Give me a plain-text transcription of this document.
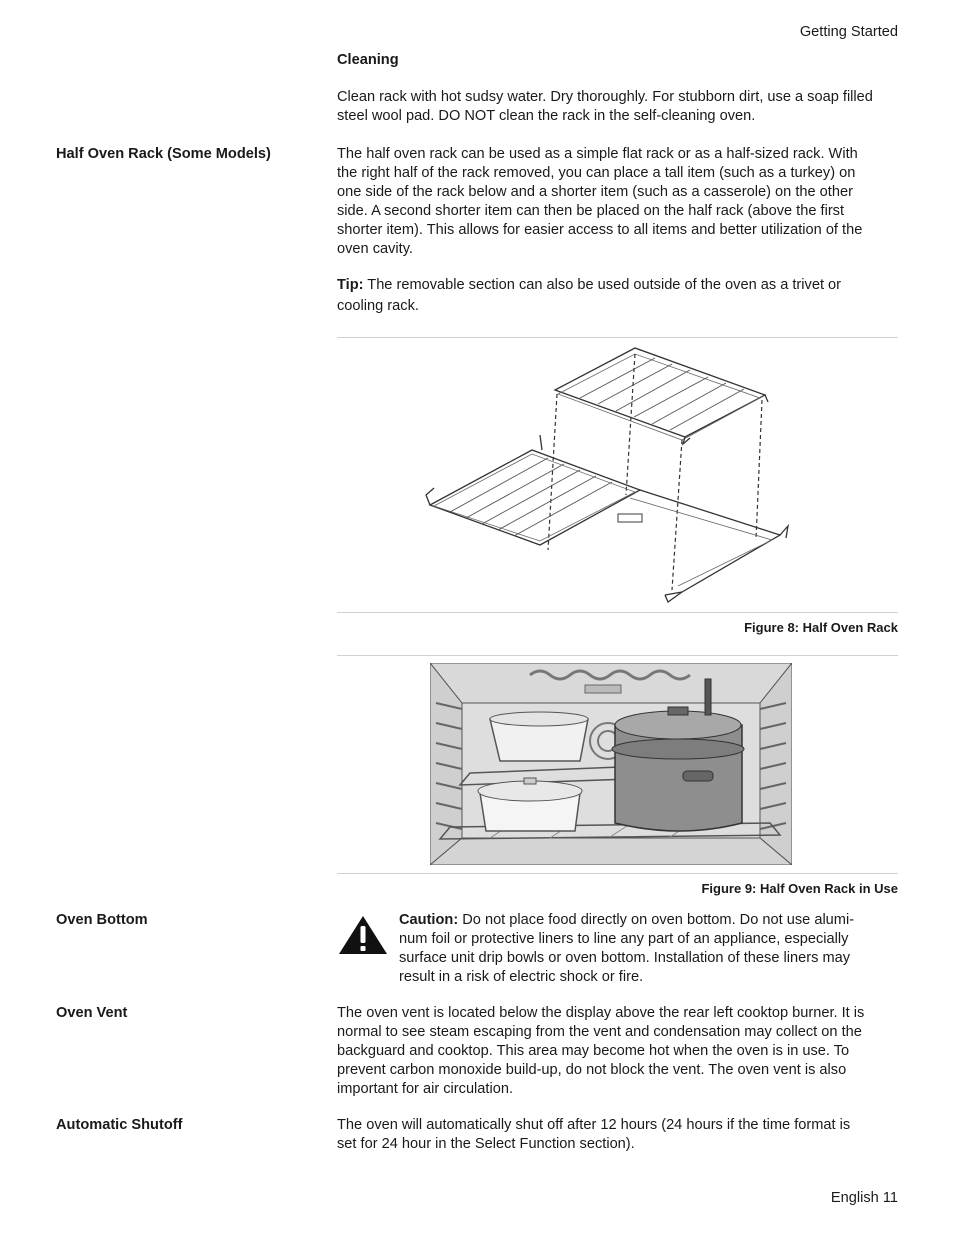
Getting Started
Cleaning

Clean rack with hot sudsy water. Dry thoroughly. For stubborn dirt, use a soap filled steel wool pad. DO NOT clean the rack in the self-cleaning oven.

Half Oven Rack (Some Models)	The half oven rack can be used as a simple flat rack or as a half-sized rack. With
the right half of the rack removed, you can place a tall item (such as a turkey) on
one side of the rack below and a shorter item (such as a casserole) on the other
side. A second shorter item can then be placed on the half rack (above the first
shorter item). This allows for easier access to all items and better utilization of the
oven cavity.
Tip: The removable section can also be used outside of the oven as a trivet or
cooling rack.
Figure 8: Half Oven Rack
Figure 9: Half Oven Rack in Use
Oven Bottom	Caution: Do not place food directly on oven bottom. Do not use alumi-
num foil or protective liners to line any part of an appliance, especially
surface unit drip bowls or oven bottom. Installation of these liners may
result in a risk of electric shock or fire.
Oven Vent	The oven vent is located below the display above the rear left cooktop burner. It is
normal to see steam escaping from the vent and condensation may collect on the
backguard and cooktop. This area may become hot when the oven is in use. To
prevent carbon monoxide build-up, do not block the vent. The oven vent is also
important for air circulation.
Automatic Shutoff	The oven will automatically shut off after 12 hours (24 hours if the time format is
set for 24 hour in the Select Function section).
English 11
